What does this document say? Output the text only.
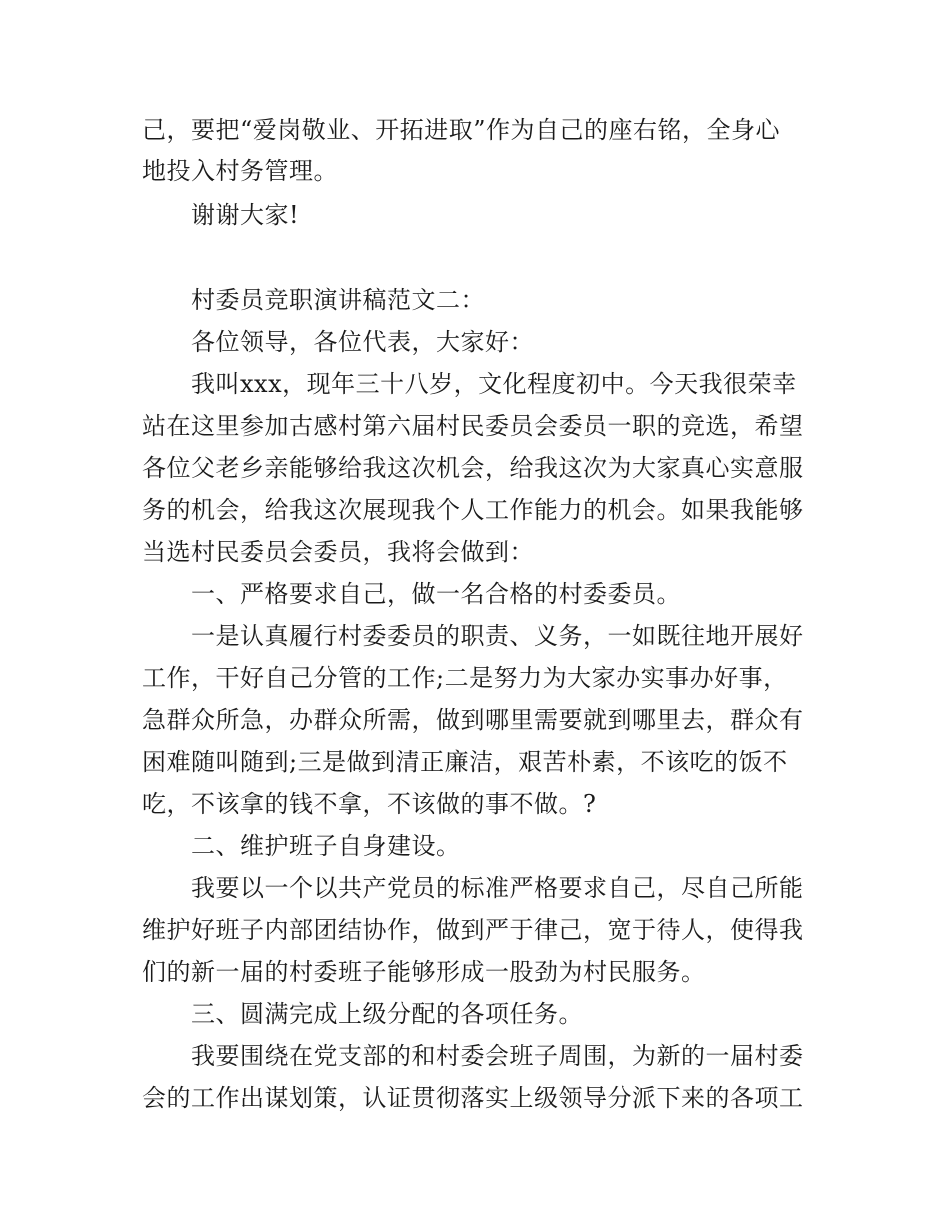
己，要把“爱岗敬业、开拓进取”作为自己的座右铭，全身心
地投入村务管理。
谢谢大家!
村委员竞职演讲稿范文二：
各位领导，各位代表，大家好：
我叫xxx，现年三十八岁，文化程度初中。今天我很荣幸
站在这里参加古感村第六届村民委员会委员一职的竞选，希望
各位父老乡亲能够给我这次机会，给我这次为大家真心实意服
务的机会，给我这次展现我个人工作能力的机会。如果我能够
当选村民委员会委员，我将会做到：
一、严格要求自己，做一名合格的村委委员。
一是认真履行村委委员的职责、义务，一如既往地开展好
工作，干好自己分管的工作;二是努力为大家办实事办好事，
急群众所急，办群众所需，做到哪里需要就到哪里去，群众有
困难随叫随到;三是做到清正廉洁，艰苦朴素，不该吃的饭不
吃，不该拿的钱不拿，不该做的事不做。?
二、维护班子自身建设。
我要以一个以共产党员的标准严格要求自己，尽自己所能
维护好班子内部团结协作，做到严于律己，宽于待人，使得我
们的新一届的村委班子能够形成一股劲为村民服务。
三、圆满完成上级分配的各项任务。
我要围绕在党支部的和村委会班子周围，为新的一届村委
会的工作出谋划策，认证贯彻落实上级领导分派下来的各项工
